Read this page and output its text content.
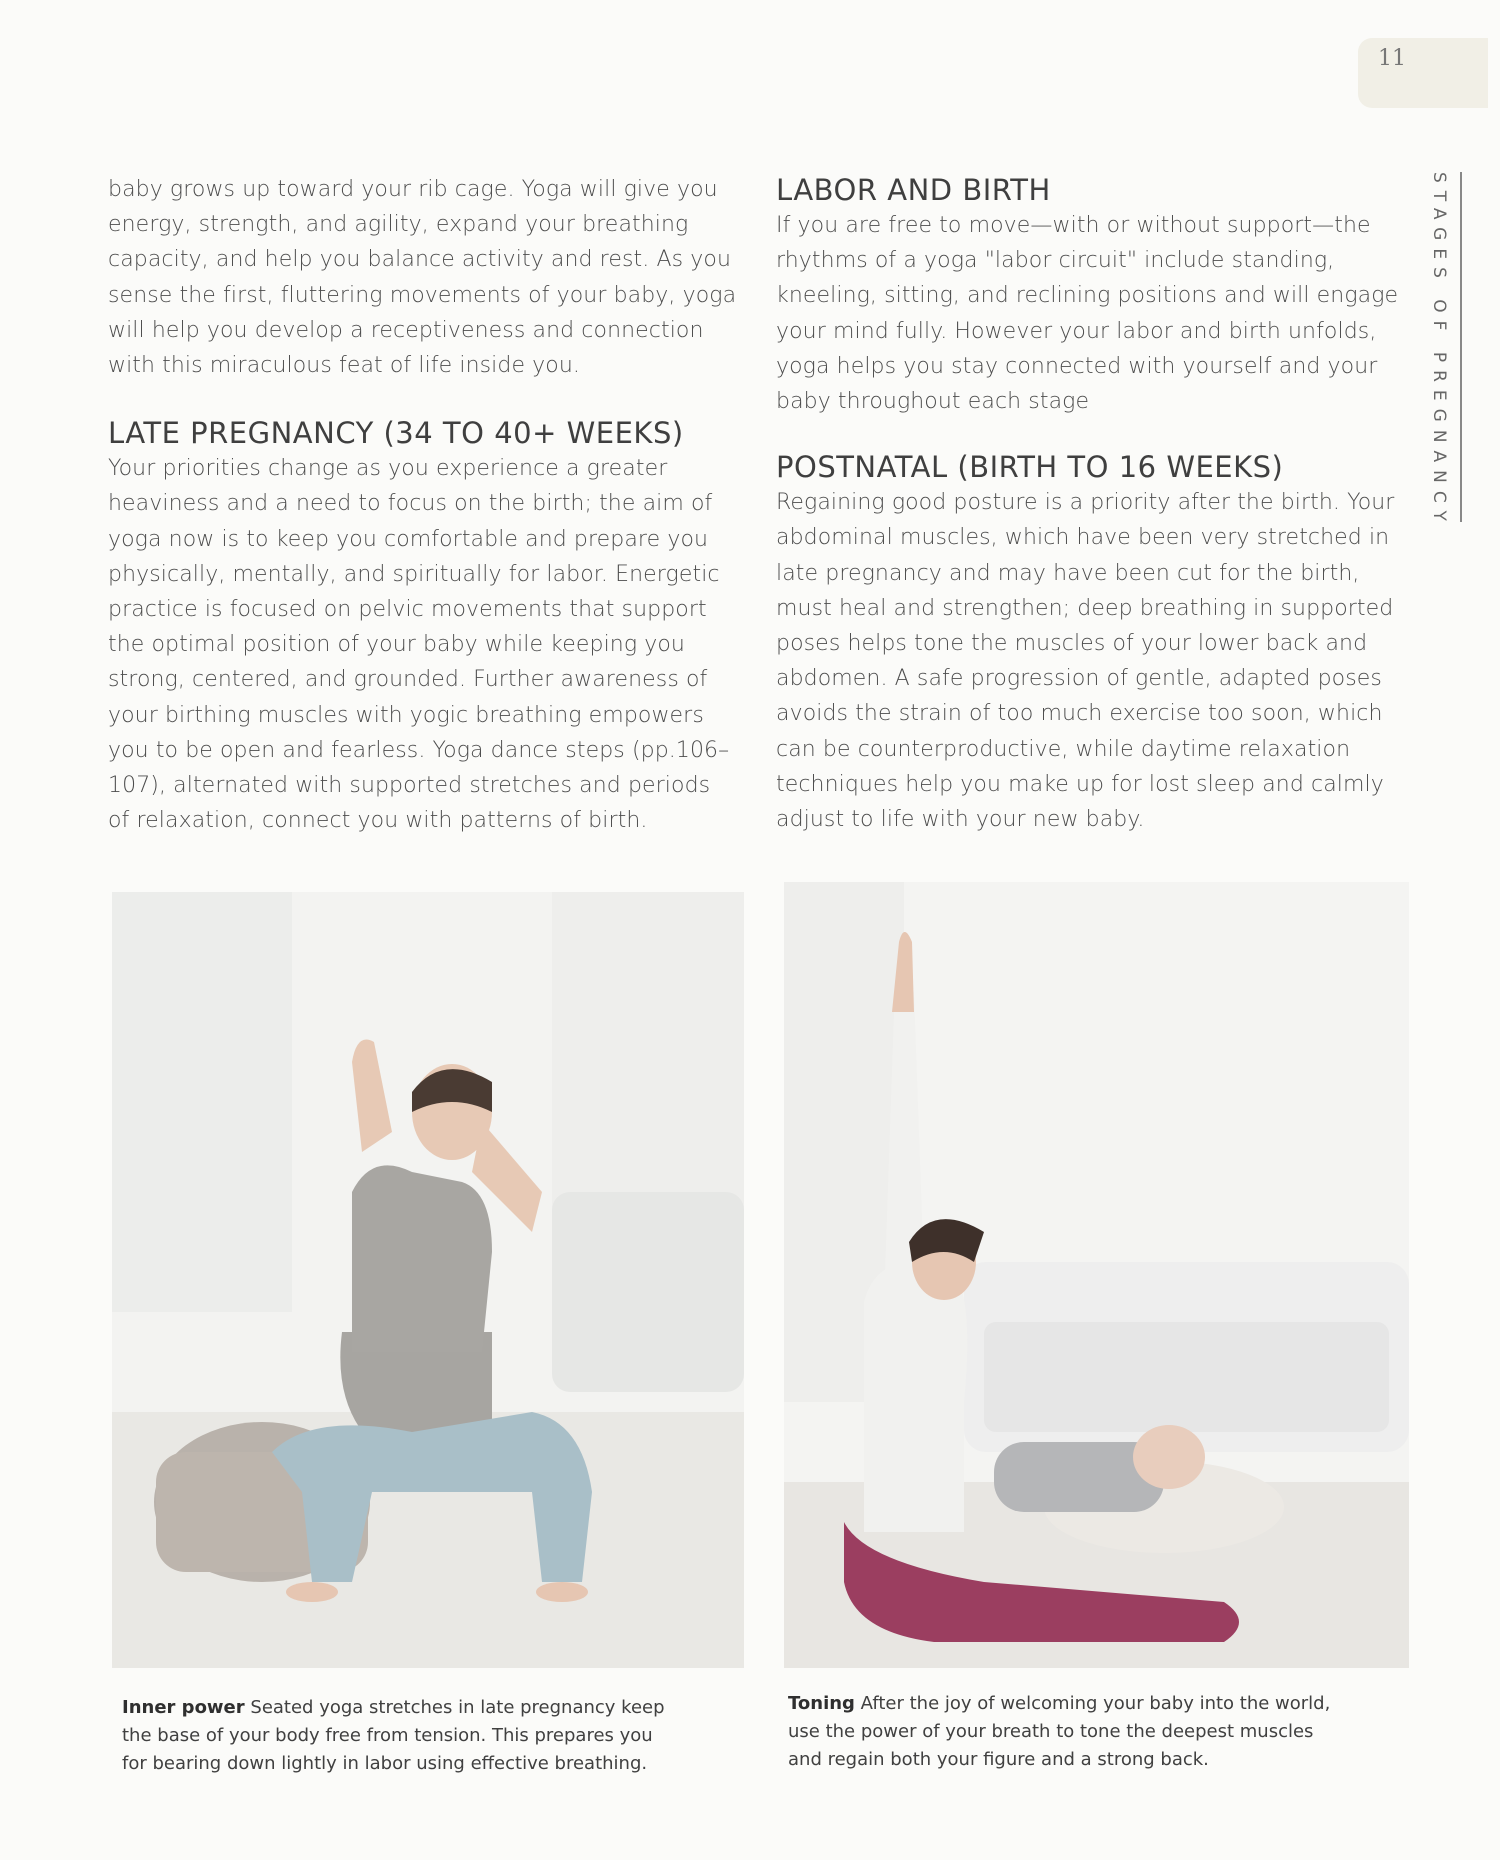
11
STAGES OF PREGNANCY

baby grows up toward your rib cage. Yoga will give you energy, strength, and agility, expand your breathing capacity, and help you balance activity and rest. As you sense the first, fluttering movements of your baby, yoga will help you develop a receptiveness and connection with this miraculous feat of life inside you.

LATE PREGNANCY (34 TO 40+ WEEKS)

Your priorities change as you experience a greater heaviness and a need to focus on the birth; the aim of yoga now is to keep you comfortable and prepare you physically, mentally, and spiritually for labor. Energetic practice is focused on pelvic movements that support the optimal position of your baby while keeping you strong, centered, and grounded. Further awareness of your birthing muscles with yogic breathing empowers you to be open and fearless. Yoga dance steps (pp.106–107), alternated with supported stretches and periods of relaxation, connect you with patterns of birth.

LABOR AND BIRTH

If you are free to move—with or without support—the rhythms of a yoga "labor circuit" include standing, kneeling, sitting, and reclining positions and will engage your mind fully. However your labor and birth unfolds, yoga helps you stay connected with yourself and your baby throughout each stage

POSTNATAL (BIRTH TO 16 WEEKS)

Regaining good posture is a priority after the birth. Your abdominal muscles, which have been very stretched in late pregnancy and may have been cut for the birth, must heal and strengthen; deep breathing in supported poses helps tone the muscles of your lower back and abdomen. A safe progression of gentle, adapted poses avoids the strain of too much exercise too soon, which can be counterproductive, while daytime relaxation techniques help you make up for lost sleep and calmly adjust to life with your new baby.

Inner power Seated yoga stretches in late pregnancy keep the base of your body free from tension. This prepares you for bearing down lightly in labor using effective breathing.
Toning After the joy of welcoming your baby into the world, use the power of your breath to tone the deepest muscles and regain both your figure and a strong back.
